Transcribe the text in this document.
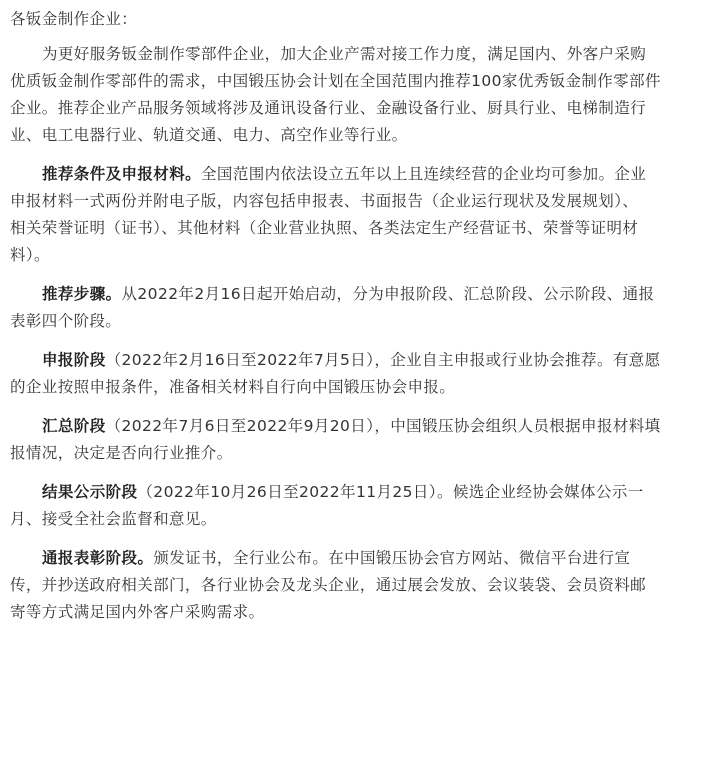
各钣金制作企业：
为更好服务钣金制作零部件企业，加大企业产需对接工作力度，满足国内、外客户采购
优质钣金制作零部件的需求，中国锻压协会计划在全国范围内推荐100家优秀钣金制作零部件
企业。推荐企业产品服务领域将涉及通讯设备行业、金融设备行业、厨具行业、电梯制造行
业、电工电器行业、轨道交通、电力、高空作业等行业。
推荐条件及申报材料。全国范围内依法设立五年以上且连续经营的企业均可参加。企业
申报材料一式两份并附电子版，内容包括申报表、书面报告（企业运行现状及发展规划）、
相关荣誉证明（证书）、其他材料（企业营业执照、各类法定生产经营证书、荣誉等证明材
料）。
推荐步骤。从2022年2月16日起开始启动，分为申报阶段、汇总阶段、公示阶段、通报
表彰四个阶段。
申报阶段（2022年2月16日至2022年7月5日），企业自主申报或行业协会推荐。有意愿
的企业按照申报条件，准备相关材料自行向中国锻压协会申报。
汇总阶段（2022年7月6日至2022年9月20日），中国锻压协会组织人员根据申报材料填
报情况，决定是否向行业推介。
结果公示阶段（2022年10月26日至2022年11月25日）。候选企业经协会媒体公示一
月、接受全社会监督和意见。
通报表彰阶段。颁发证书，全行业公布。在中国锻压协会官方网站、微信平台进行宣
传，并抄送政府相关部门，各行业协会及龙头企业，通过展会发放、会议装袋、会员资料邮
寄等方式满足国内外客户采购需求。
